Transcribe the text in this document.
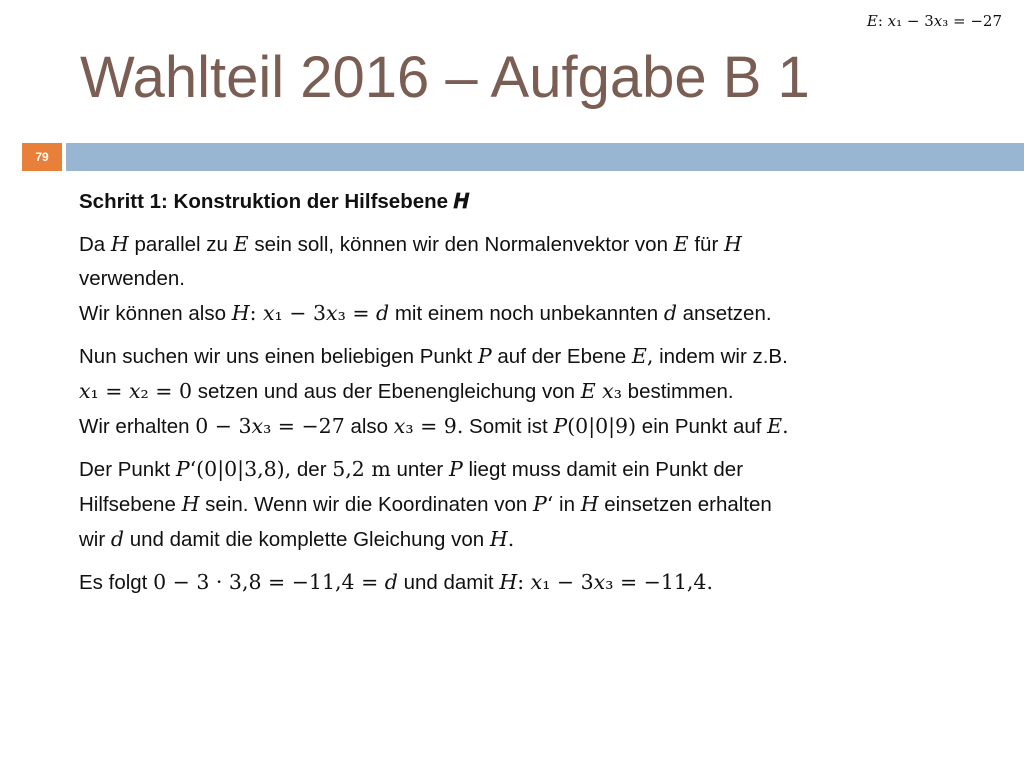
𝐸: 𝑥₁ − 3𝑥₃ = −27
Wahlteil 2016 – Aufgabe B 1
79

Schritt 1: Konstruktion der Hilfsebene 𝑯

Da 𝐻 parallel zu 𝐸 sein soll, können wir den Normalenvektor von 𝐸 für 𝐻
verwenden.
Wir können also 𝐻: 𝑥₁ − 3𝑥₃ = 𝑑 mit einem noch unbekannten 𝑑 ansetzen.

Nun suchen wir uns einen beliebigen Punkt 𝑃 auf der Ebene 𝐸, indem wir z.B.
𝑥₁ = 𝑥₂ = 0 setzen und aus der Ebenengleichung von 𝐸 𝑥₃ bestimmen.
Wir erhalten 0 − 3𝑥₃ = −27 also 𝑥₃ = 9. Somit ist 𝑃(0|0|9) ein Punkt auf 𝐸.

Der Punkt 𝑃‘(0|0|3,8), der 5,2 m unter 𝑃 liegt muss damit ein Punkt der
Hilfsebene 𝐻 sein. Wenn wir die Koordinaten von 𝑃‘ in 𝐻 einsetzen erhalten
wir 𝑑 und damit die komplette Gleichung von 𝐻.

Es folgt 0 − 3 · 3,8 = −11,4 = 𝑑 und damit 𝐻: 𝑥₁ − 3𝑥₃ = −11,4.
